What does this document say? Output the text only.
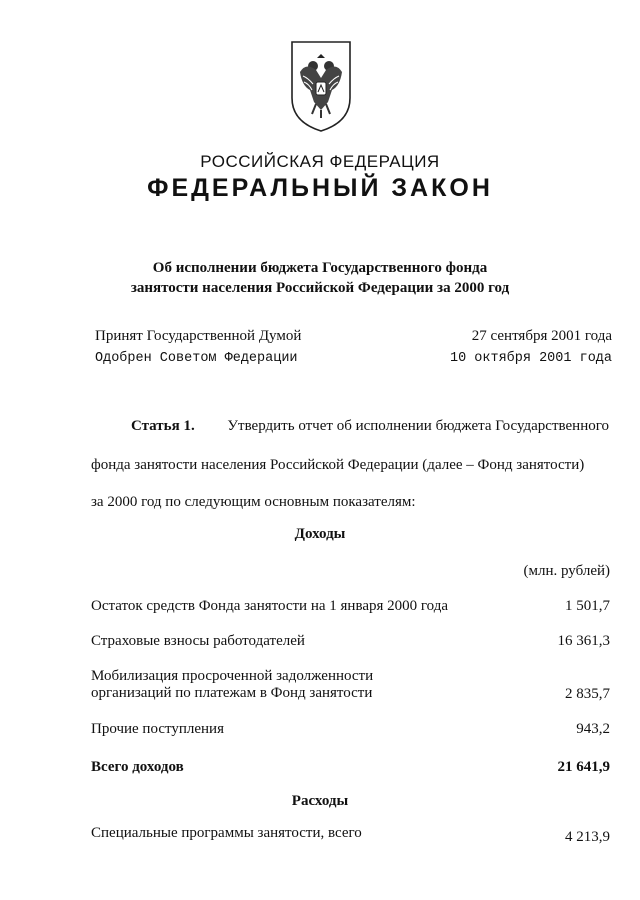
РОССИЙСКАЯ ФЕДЕРАЦИЯ
ФЕДЕРАЛЬНЫЙ ЗАКОН
Об исполнении бюджета Государственного фонда
занятости населения Российской Федерации за 2000 год
Принят Государственной Думой	27 сентября 2001 года
Одобрен Советом Федерации	10 октября 2001 года
Статья 1. Утвердить отчет об исполнении бюджета Государственного
фонда занятости населения Российской Федерации (далее – Фонд занятости)
за 2000 год по следующим основным показателям:
Доходы
(млн. рублей)
Остаток средств Фонда занятости на 1 января 2000 года	1 501,7
Страховые взносы работодателей	16 361,3
Мобилизация просроченной задолженности
организаций по платежам в Фонд занятости	2 835,7
Прочие поступления	943,2
Всего доходов	21 641,9
Расходы
Специальные программы занятости, всего	4 213,9
